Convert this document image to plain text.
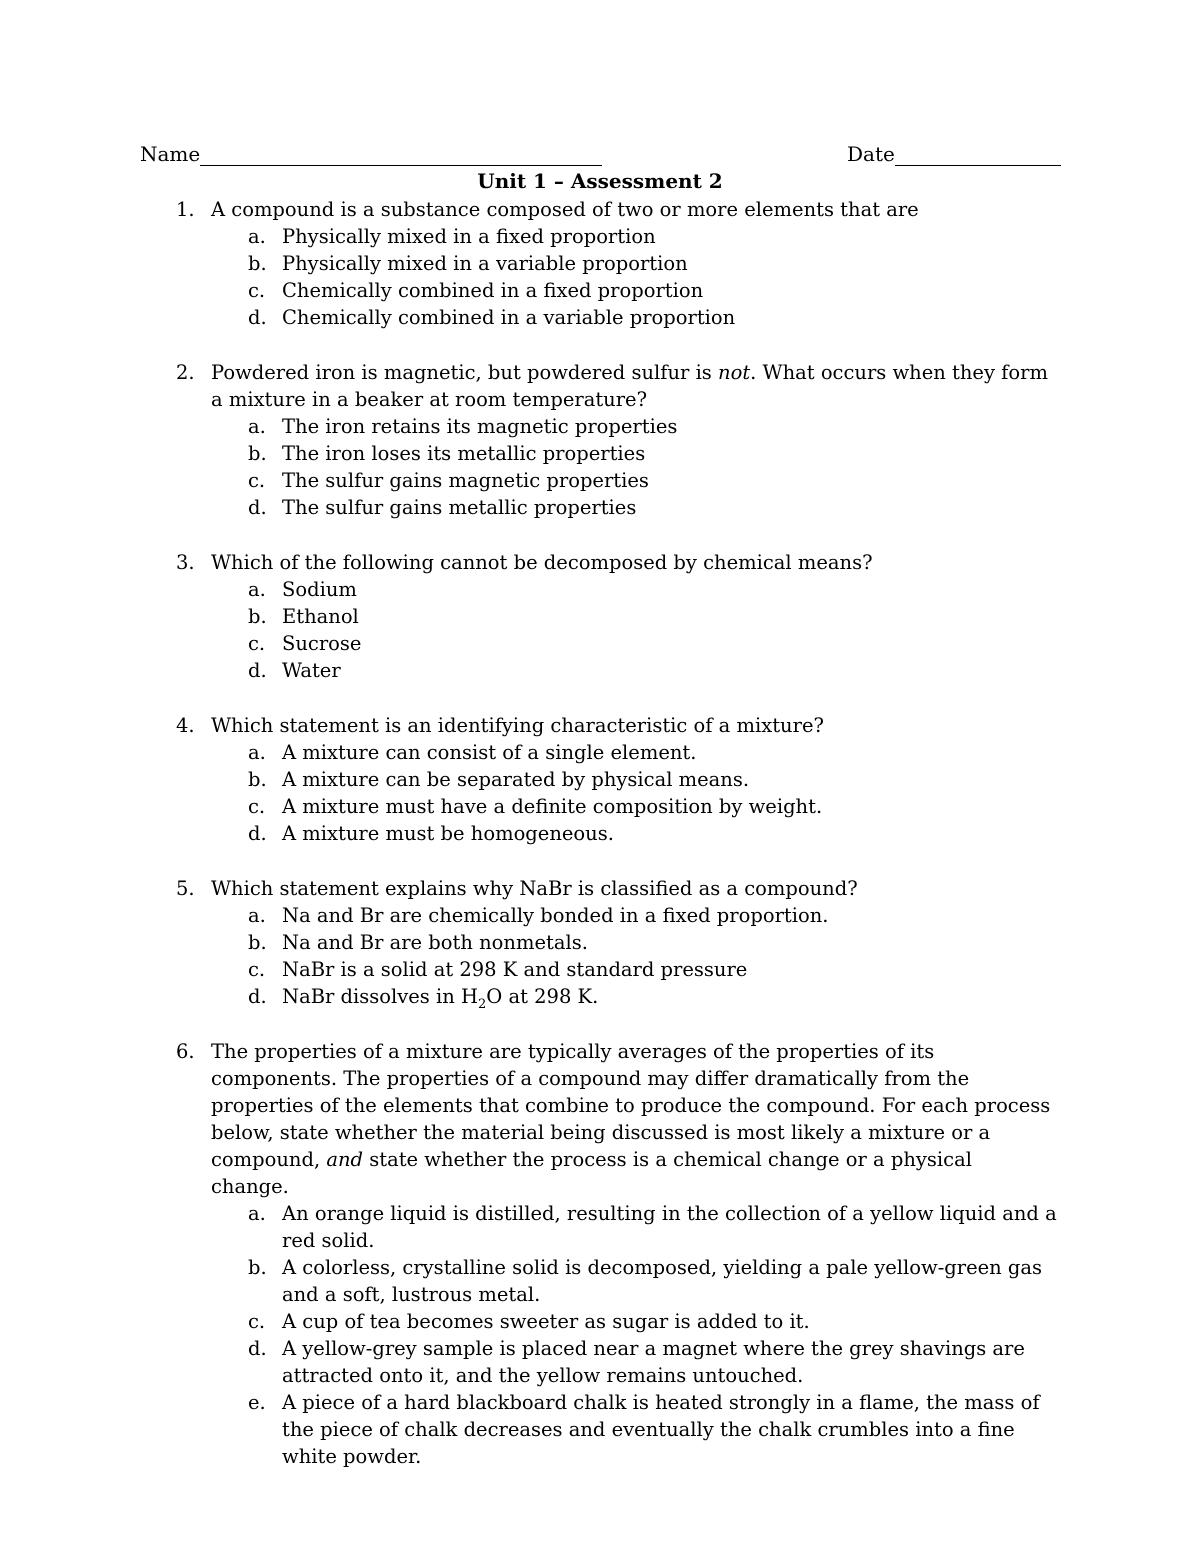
Name	Date
Unit 1 – Assessment 2
1. A compound is a substance composed of two or more elements that are
a. Physically mixed in a fixed proportion
b. Physically mixed in a variable proportion
c. Chemically combined in a fixed proportion
d. Chemically combined in a variable proportion
2. Powdered iron is magnetic, but powdered sulfur is not. What occurs when they form a mixture in a beaker at room temperature?
a. The iron retains its magnetic properties
b. The iron loses its metallic properties
c. The sulfur gains magnetic properties
d. The sulfur gains metallic properties
3. Which of the following cannot be decomposed by chemical means?
a. Sodium
b. Ethanol
c. Sucrose
d. Water
4. Which statement is an identifying characteristic of a mixture?
a. A mixture can consist of a single element.
b. A mixture can be separated by physical means.
c. A mixture must have a definite composition by weight.
d. A mixture must be homogeneous.
5. Which statement explains why NaBr is classified as a compound?
a. Na and Br are chemically bonded in a fixed proportion.
b. Na and Br are both nonmetals.
c. NaBr is a solid at 298 K and standard pressure
d. NaBr dissolves in $H_2O$ at 298 K.
6. The properties of a mixture are typically averages of the properties of its components. The properties of a compound may differ dramatically from the properties of the elements that combine to produce the compound. For each process below, state whether the material being discussed is most likely a mixture or a compound, and state whether the process is a chemical change or a physical change.
a. An orange liquid is distilled, resulting in the collection of a yellow liquid and a red solid.
b. A colorless, crystalline solid is decomposed, yielding a pale yellow-green gas and a soft, lustrous metal.
c. A cup of tea becomes sweeter as sugar is added to it.
d. A yellow-grey sample is placed near a magnet where the grey shavings are attracted onto it, and the yellow remains untouched.
e. A piece of a hard blackboard chalk is heated strongly in a flame, the mass of the piece of chalk decreases and eventually the chalk crumbles into a fine white powder.
